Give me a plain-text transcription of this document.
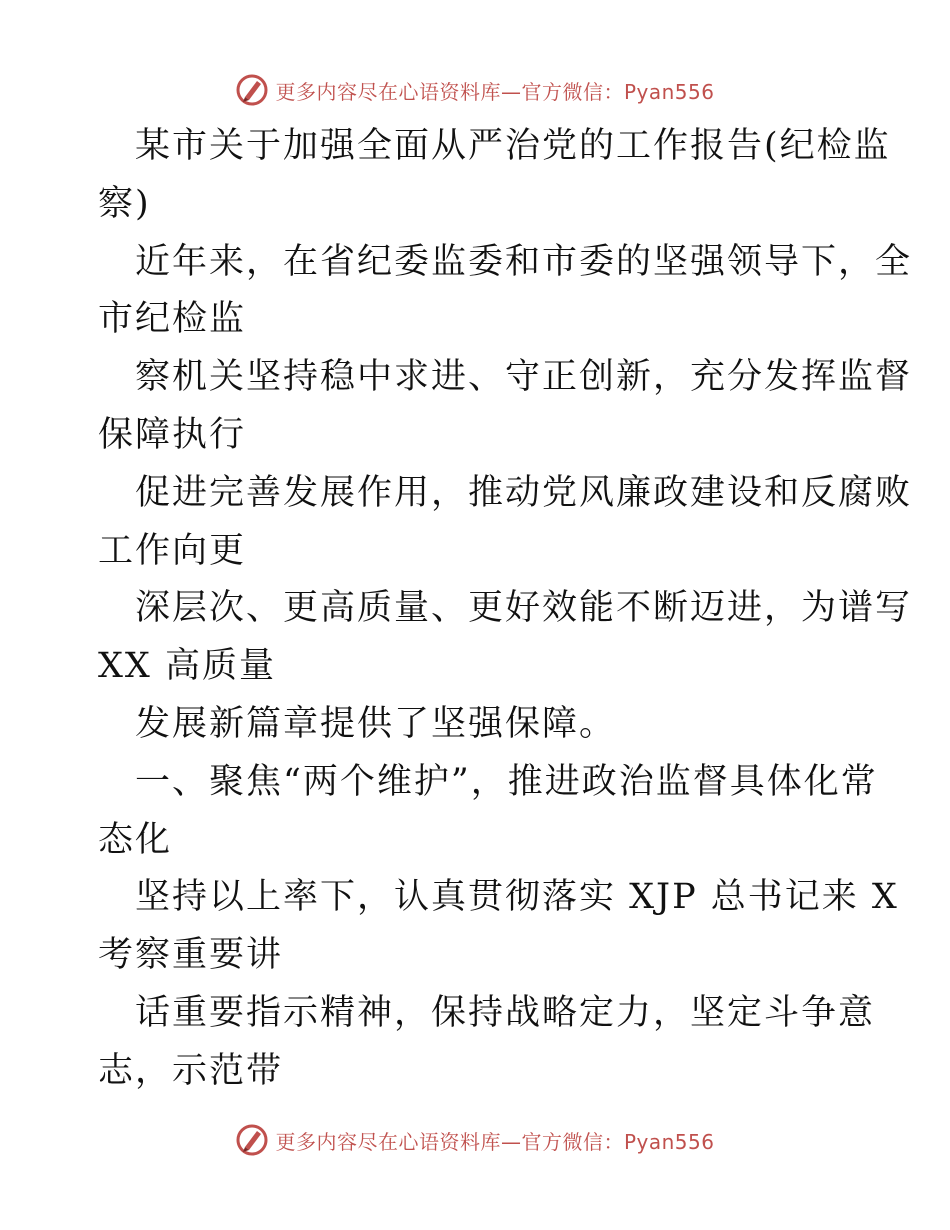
更多内容尽在心语资料库—官方微信：Pyan556
某市关于加强全面从严治党的工作报告(纪检监
察)
近年来，在省纪委监委和市委的坚强领导下，全
市纪检监
察机关坚持稳中求进、守正创新，充分发挥监督
保障执行
促进完善发展作用，推动党风廉政建设和反腐败
工作向更
深层次、更高质量、更好效能不断迈进，为谱写
XX 高质量
发展新篇章提供了坚强保障。
一、聚焦“两个维护”，推进政治监督具体化常
态化
坚持以上率下，认真贯彻落实 XJP 总书记来 X
考察重要讲
话重要指示精神，保持战略定力，坚定斗争意
志，示范带
更多内容尽在心语资料库—官方微信：Pyan556
